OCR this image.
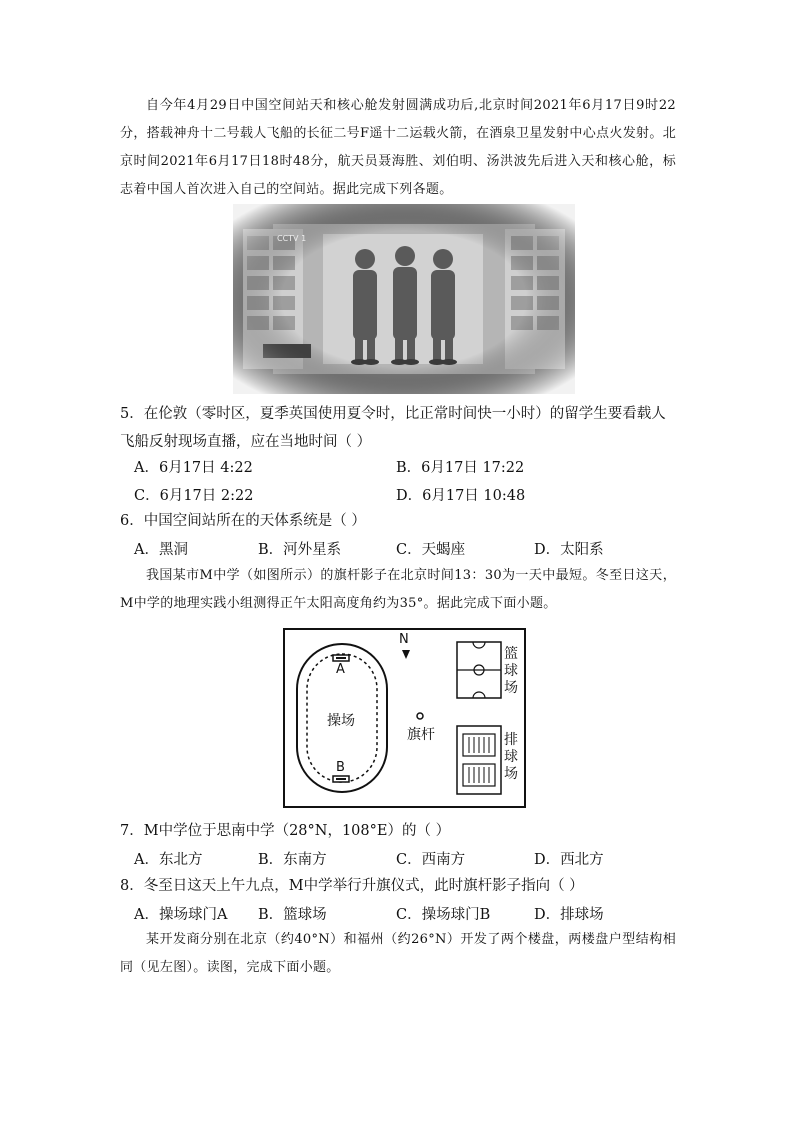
自今年4月29日中国空间站天和核心舱发射圆满成功后,北京时间2021年6月17日9时22分，搭载神舟十二号载人飞船的长征二号F遥十二运载火箭，在酒泉卫星发射中心点火发射。北京时间2021年6月17日18时48分，航天员聂海胜、刘伯明、汤洪波先后进入天和核心舱，标志着中国人首次进入自己的空间站。据此完成下列各题。
CCTV 1
5．在伦敦（零时区，夏季英国使用夏令时，比正常时间快一小时）的留学生要看载人飞船反射现场直播，应在当地时间（ ）
A．6月17日 4:22	B．6月17日 17:22
C．6月17日 2:22	D．6月17日 10:48
6．中国空间站所在的天体系统是（ ）
A．黑洞	B．河外星系	C．天蝎座	D．太阳系
我国某市M中学（如图所示）的旗杆影子在北京时间13：30为一天中最短。冬至日这天，M中学的地理实践小组测得正午太阳高度角约为35°。据此完成下面小题。
N
A
B
操场
旗杆
篮
球
场
排
球
场
7．M中学位于思南中学（28°N，108°E）的（ ）
A．东北方	B．东南方	C．西南方	D．西北方
8．冬至日这天上午九点，M中学举行升旗仪式，此时旗杆影子指向（ ）
A．操场球门A B．篮球场	C．操场球门B	D．排球场
某开发商分别在北京（约40°N）和福州（约26°N）开发了两个楼盘，两楼盘户型结构相同（见左图）。读图，完成下面小题。
